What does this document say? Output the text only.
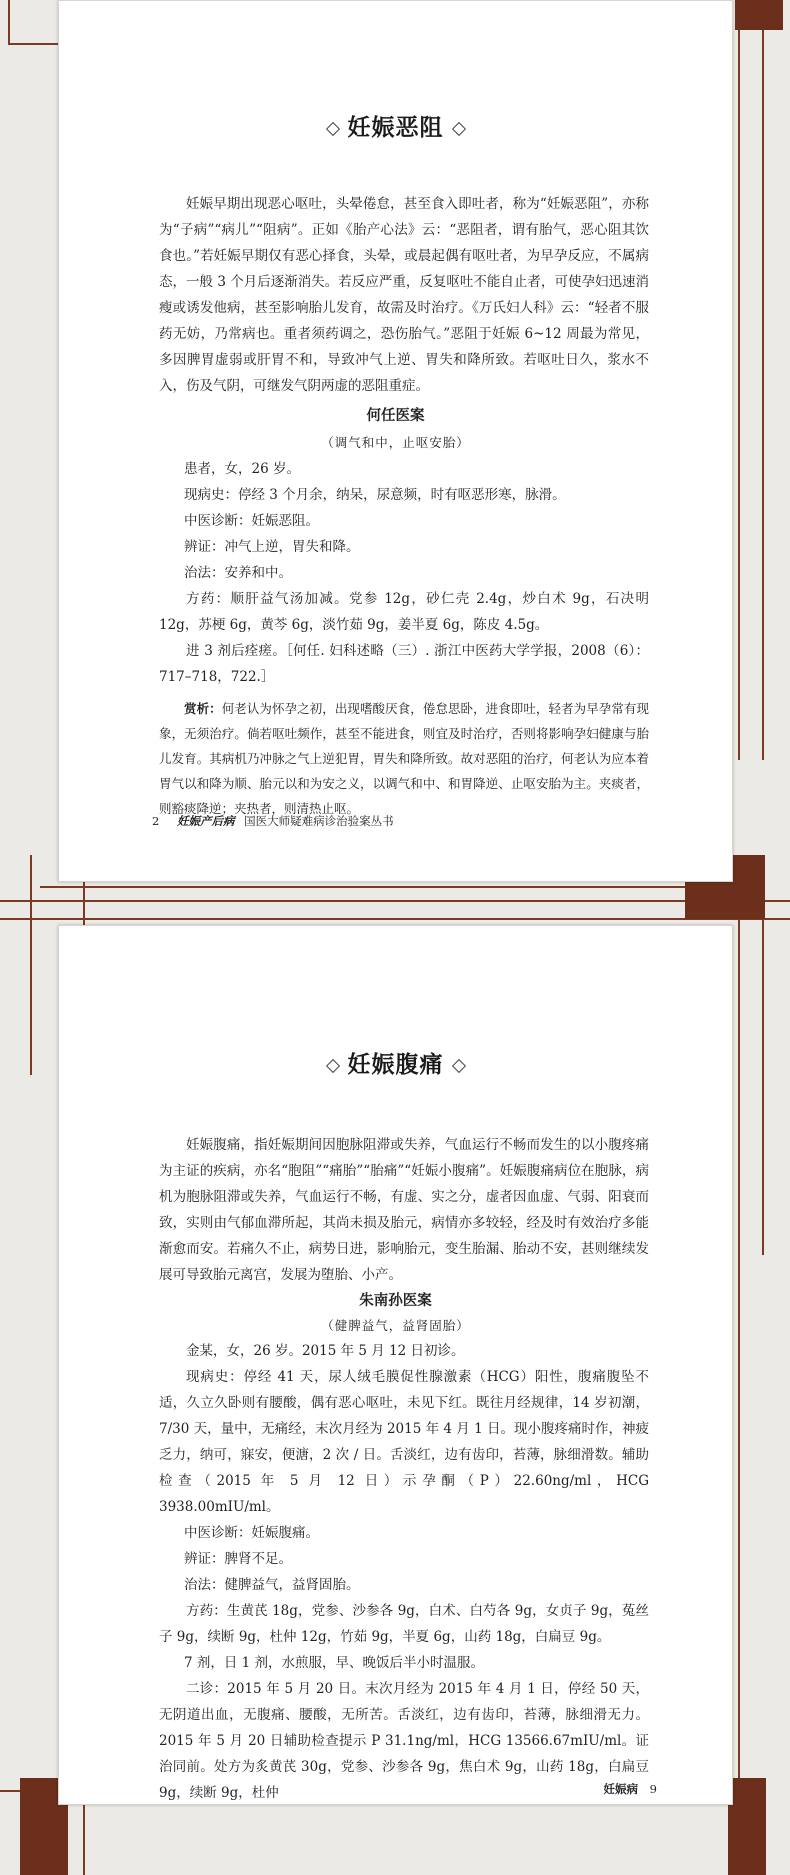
妊娠恶阻

妊娠早期出现恶心呕吐，头晕倦怠，甚至食入即吐者，称为“妊娠恶阻”，亦称为“子病”“病儿”“阻病”。正如《胎产心法》云：“恶阻者，谓有胎气，恶心阻其饮食也。”若妊娠早期仅有恶心择食，头晕，或晨起偶有呕吐者，为早孕反应，不属病态，一般 3 个月后逐渐消失。若反应严重，反复呕吐不能自止者，可使孕妇迅速消瘦或诱发他病，甚至影响胎儿发育，故需及时治疗。《万氏妇人科》云：“轻者不服药无妨，乃常病也。重者须药调之，恐伤胎气。”恶阻于妊娠 6~12 周最为常见，多因脾胃虚弱或肝胃不和，导致冲气上逆、胃失和降所致。若呕吐日久，浆水不入，伤及气阴，可继发气阴两虚的恶阻重症。

何任医案

（调气和中，止呕安胎）

患者，女，26 岁。

现病史：停经 3 个月余，纳呆，尿意频，时有呕恶形寒，脉滑。

中医诊断：妊娠恶阻。

辨证：冲气上逆，胃失和降。

治法：安养和中。

方药：顺肝益气汤加减。党参 12g，砂仁壳 2.4g，炒白术 9g，石决明 12g，苏梗 6g，黄芩 6g，淡竹茹 9g，姜半夏 6g，陈皮 4.5g。

进 3 剂后痊瘥。［何任. 妇科述略（三）. 浙江中医药大学学报，2008（6）：717–718，722.］

赏析：何老认为怀孕之初，出现嗜酸厌食，倦怠思卧，进食即吐，轻者为早孕常有现象，无须治疗。倘若呕吐频作，甚至不能进食，则宜及时治疗，否则将影响孕妇健康与胎儿发育。其病机乃冲脉之气上逆犯胃，胃失和降所致。故对恶阻的治疗，何老认为应本着胃气以和降为顺、胎元以和为安之义，以调气和中、和胃降逆、止呕安胎为主。夹痰者，则豁痰降逆；夹热者，则清热止呕。

2 妊娠产后病 国医大师疑难病诊治验案丛书
妊娠腹痛

妊娠腹痛，指妊娠期间因胞脉阻滞或失养，气血运行不畅而发生的以小腹疼痛为主证的疾病，亦名“胞阻”“痛胎”“胎痛”“妊娠小腹痛”。妊娠腹痛病位在胞脉，病机为胞脉阻滞或失养，气血运行不畅，有虚、实之分，虚者因血虚、气弱、阳衰而致，实则由气郁血滞所起，其尚未损及胎元，病情亦多较轻，经及时有效治疗多能渐愈而安。若痛久不止，病势日进，影响胎元，变生胎漏、胎动不安，甚则继续发展可导致胎元离宫，发展为堕胎、小产。

朱南孙医案

（健脾益气，益肾固胎）

金某，女，26 岁。2015 年 5 月 12 日初诊。

现病史：停经 41 天，尿人绒毛膜促性腺激素（HCG）阳性，腹痛腹坠不适，久立久卧则有腰酸，偶有恶心呕吐，未见下红。既往月经规律，14 岁初潮，7/30 天，量中，无痛经，末次月经为 2015 年 4 月 1 日。现小腹疼痛时作，神疲乏力，纳可，寐安，便溏，2 次 / 日。舌淡红，边有齿印，苔薄，脉细滑数。辅助检查（2015 年 5 月 12 日）示孕酮（P）22.60ng/ml，HCG 3938.00mIU/ml。

中医诊断：妊娠腹痛。

辨证：脾肾不足。

治法：健脾益气，益肾固胎。

方药：生黄芪 18g，党参、沙参各 9g，白术、白芍各 9g，女贞子 9g，菟丝子 9g，续断 9g，杜仲 12g，竹茹 9g，半夏 6g，山药 18g，白扁豆 9g。

7 剂，日 1 剂，水煎服，早、晚饭后半小时温服。

二诊：2015 年 5 月 20 日。末次月经为 2015 年 4 月 1 日，停经 50 天，无阴道出血，无腹痛、腰酸，无所苦。舌淡红，边有齿印，苔薄，脉细滑无力。2015 年 5 月 20 日辅助检查提示 P 31.1ng/ml，HCG 13566.67mIU/ml。证治同前。处方为炙黄芪 30g，党参、沙参各 9g，焦白术 9g，山药 18g，白扁豆 9g，续断 9g，杜仲	妊娠病 9
